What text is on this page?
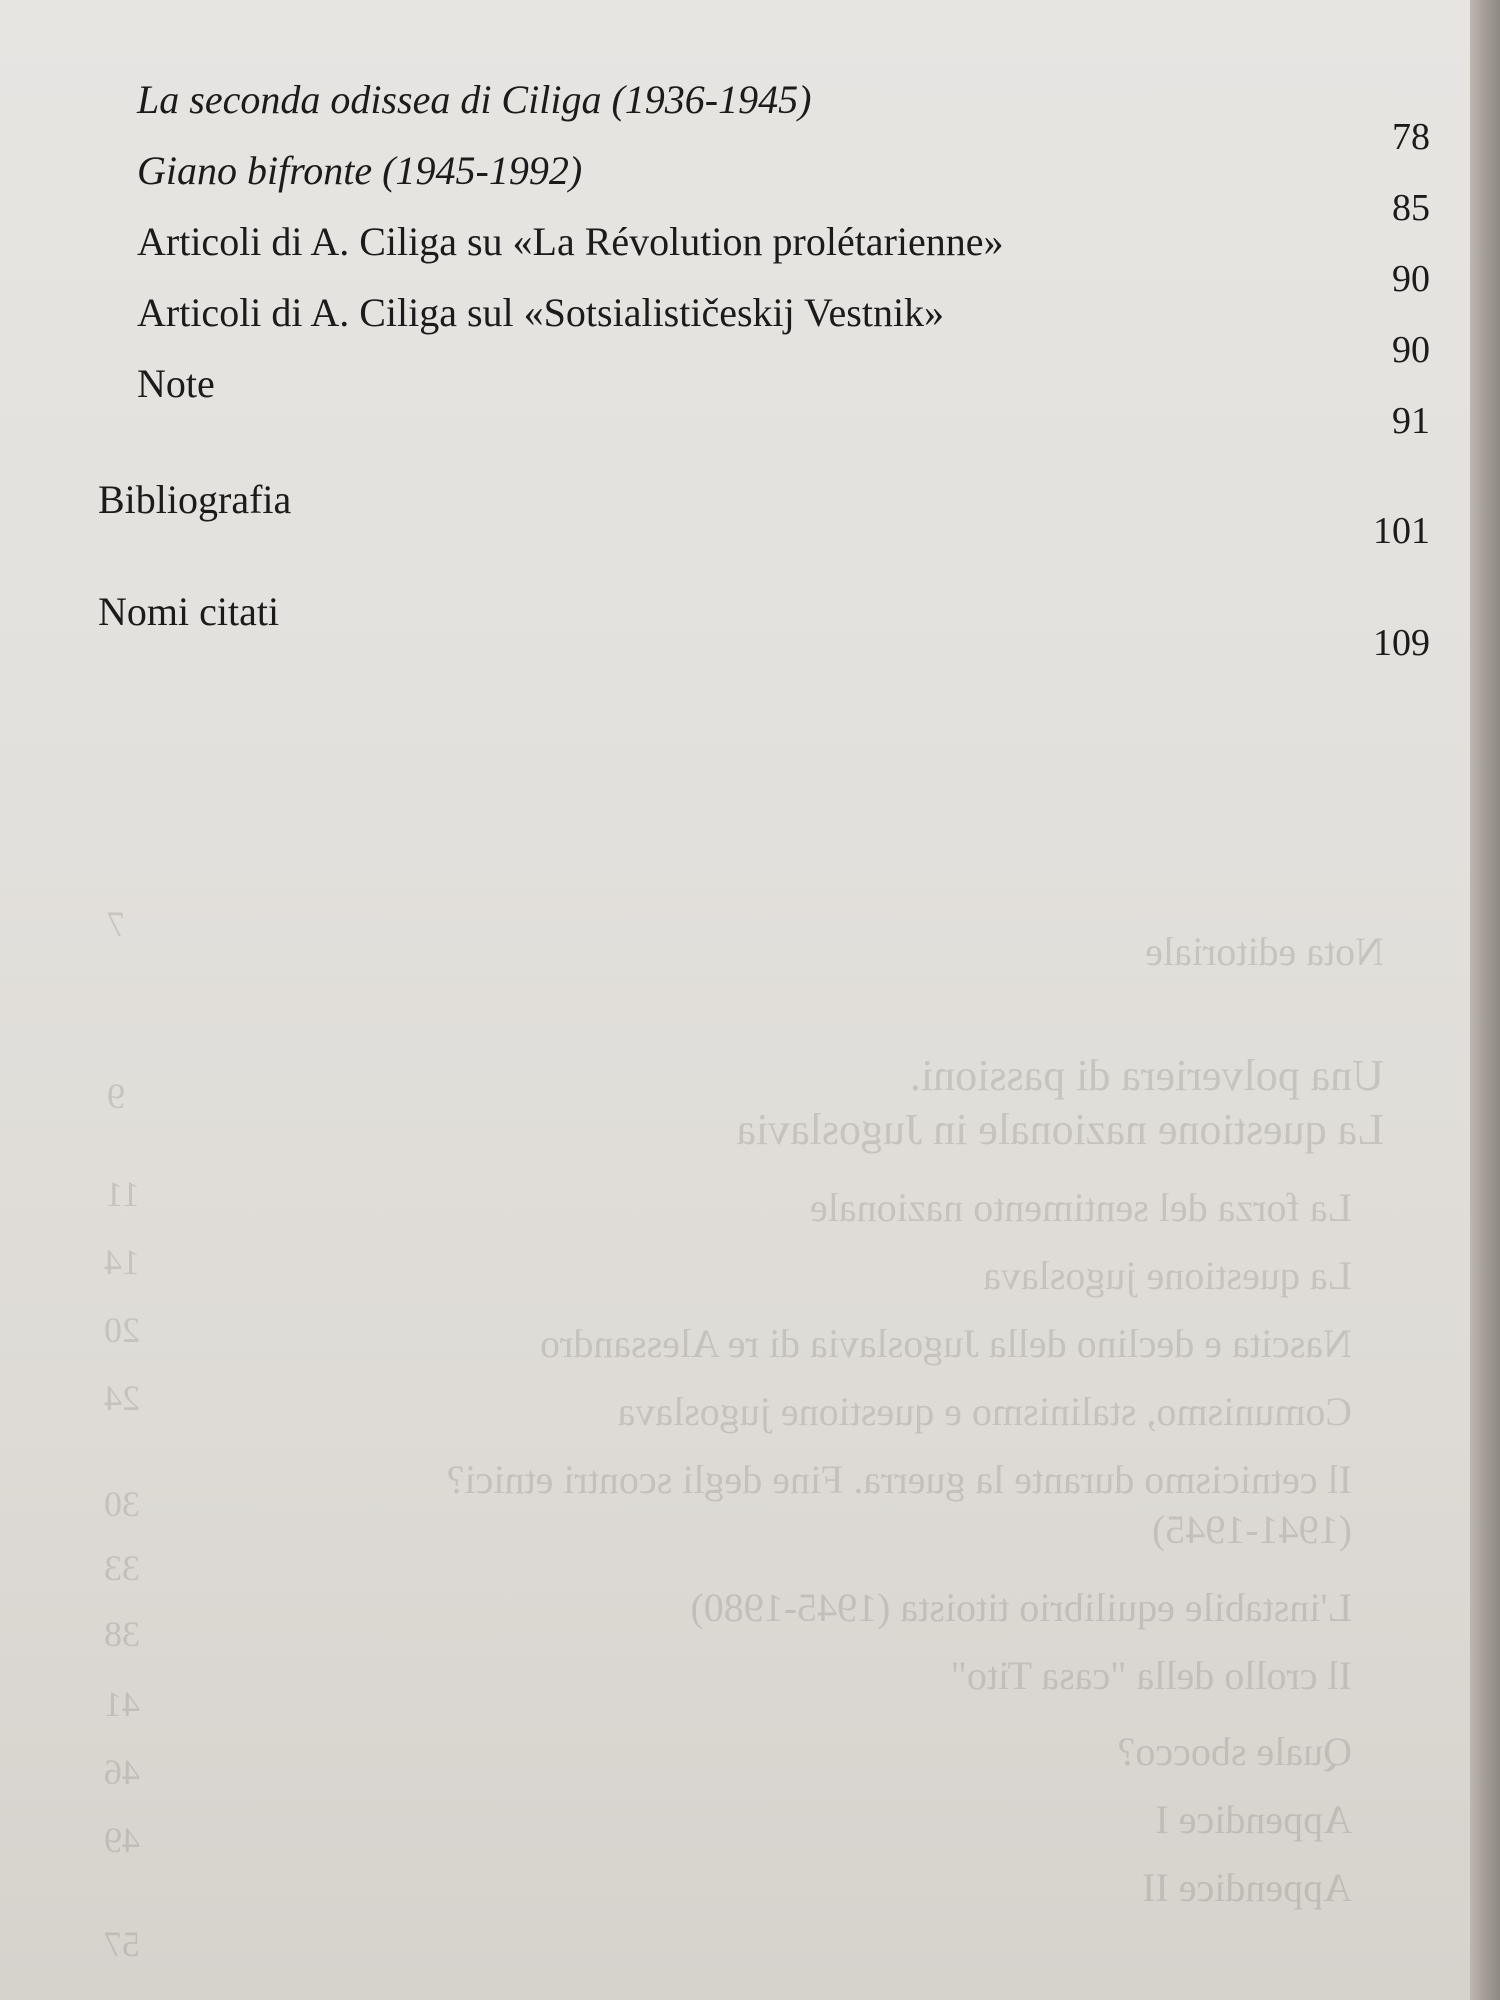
La seconda odissea di Ciliga (1936-1945)
78
Giano bifronte (1945-1992)
85
Articoli di A. Ciliga su «La Révolution prolétarienne»
90
Articoli di A. Ciliga sul «Sotsialističeskij Vestnik»
90
Note
91
Bibliografia
101
Nomi citati
109
Nota editoriale
Una polveriera di passioni.
La questione nazionale in Jugoslavia
La forza del sentimento nazionale
La questione jugoslava
Nascita e declino della Jugoslavia di re Alessandro
Comunismo, stalinismo e questione jugoslava
Il cetnicismo durante la guerra. Fine degli scontri etnici?
(1941-1945)
L'instabile equilibrio titoista (1945-1980)
Il crollo della "casa Tito"
Quale sbocco?
Appendice I
Appendice II
7
9
11
14
20
24
30
33
38
41
46
49
57
